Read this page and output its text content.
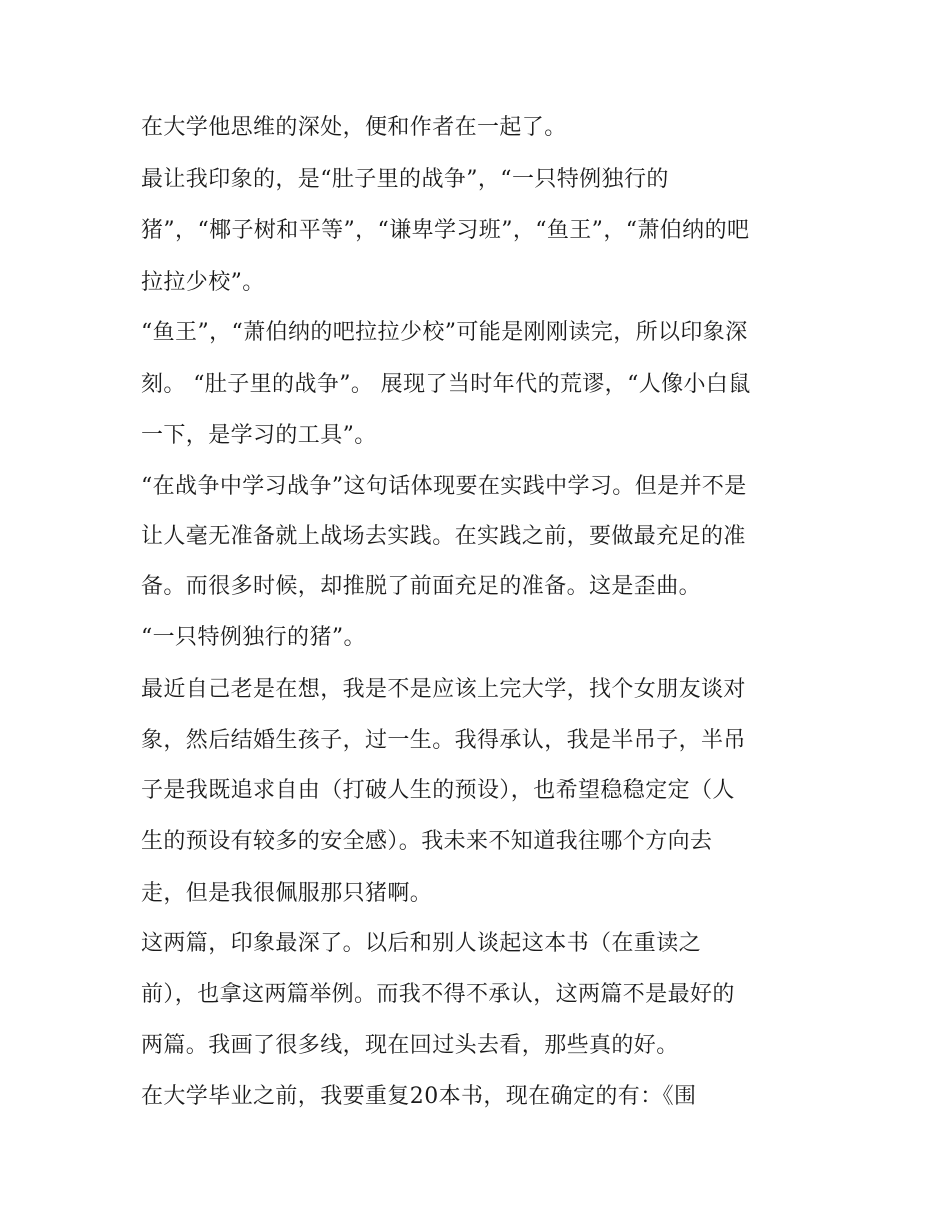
在大学他思维的深处，便和作者在一起了。
最让我印象的，是“肚子里的战争”，“一只特例独行的
猪”，“椰子树和平等”，“谦卑学习班”，“鱼王”，“萧伯纳的吧
拉拉少校”。
“鱼王”，“萧伯纳的吧拉拉少校”可能是刚刚读完，所以印象深
刻。 “肚子里的战争”。 展现了当时年代的荒谬，“人像小白鼠
一下，是学习的工具”。
“在战争中学习战争”这句话体现要在实践中学习。但是并不是
让人毫无准备就上战场去实践。在实践之前，要做最充足的准
备。而很多时候，却推脱了前面充足的准备。这是歪曲。
“一只特例独行的猪”。
最近自己老是在想，我是不是应该上完大学，找个女朋友谈对
象，然后结婚生孩子，过一生。我得承认，我是半吊子，半吊
子是我既追求自由（打破人生的预设），也希望稳稳定定（人
生的预设有较多的安全感）。我未来不知道我往哪个方向去
走，但是我很佩服那只猪啊。
这两篇，印象最深了。以后和别人谈起这本书（在重读之
前），也拿这两篇举例。而我不得不承认，这两篇不是最好的
两篇。我画了很多线，现在回过头去看，那些真的好。
在大学毕业之前，我要重复20本书，现在确定的有：《围
